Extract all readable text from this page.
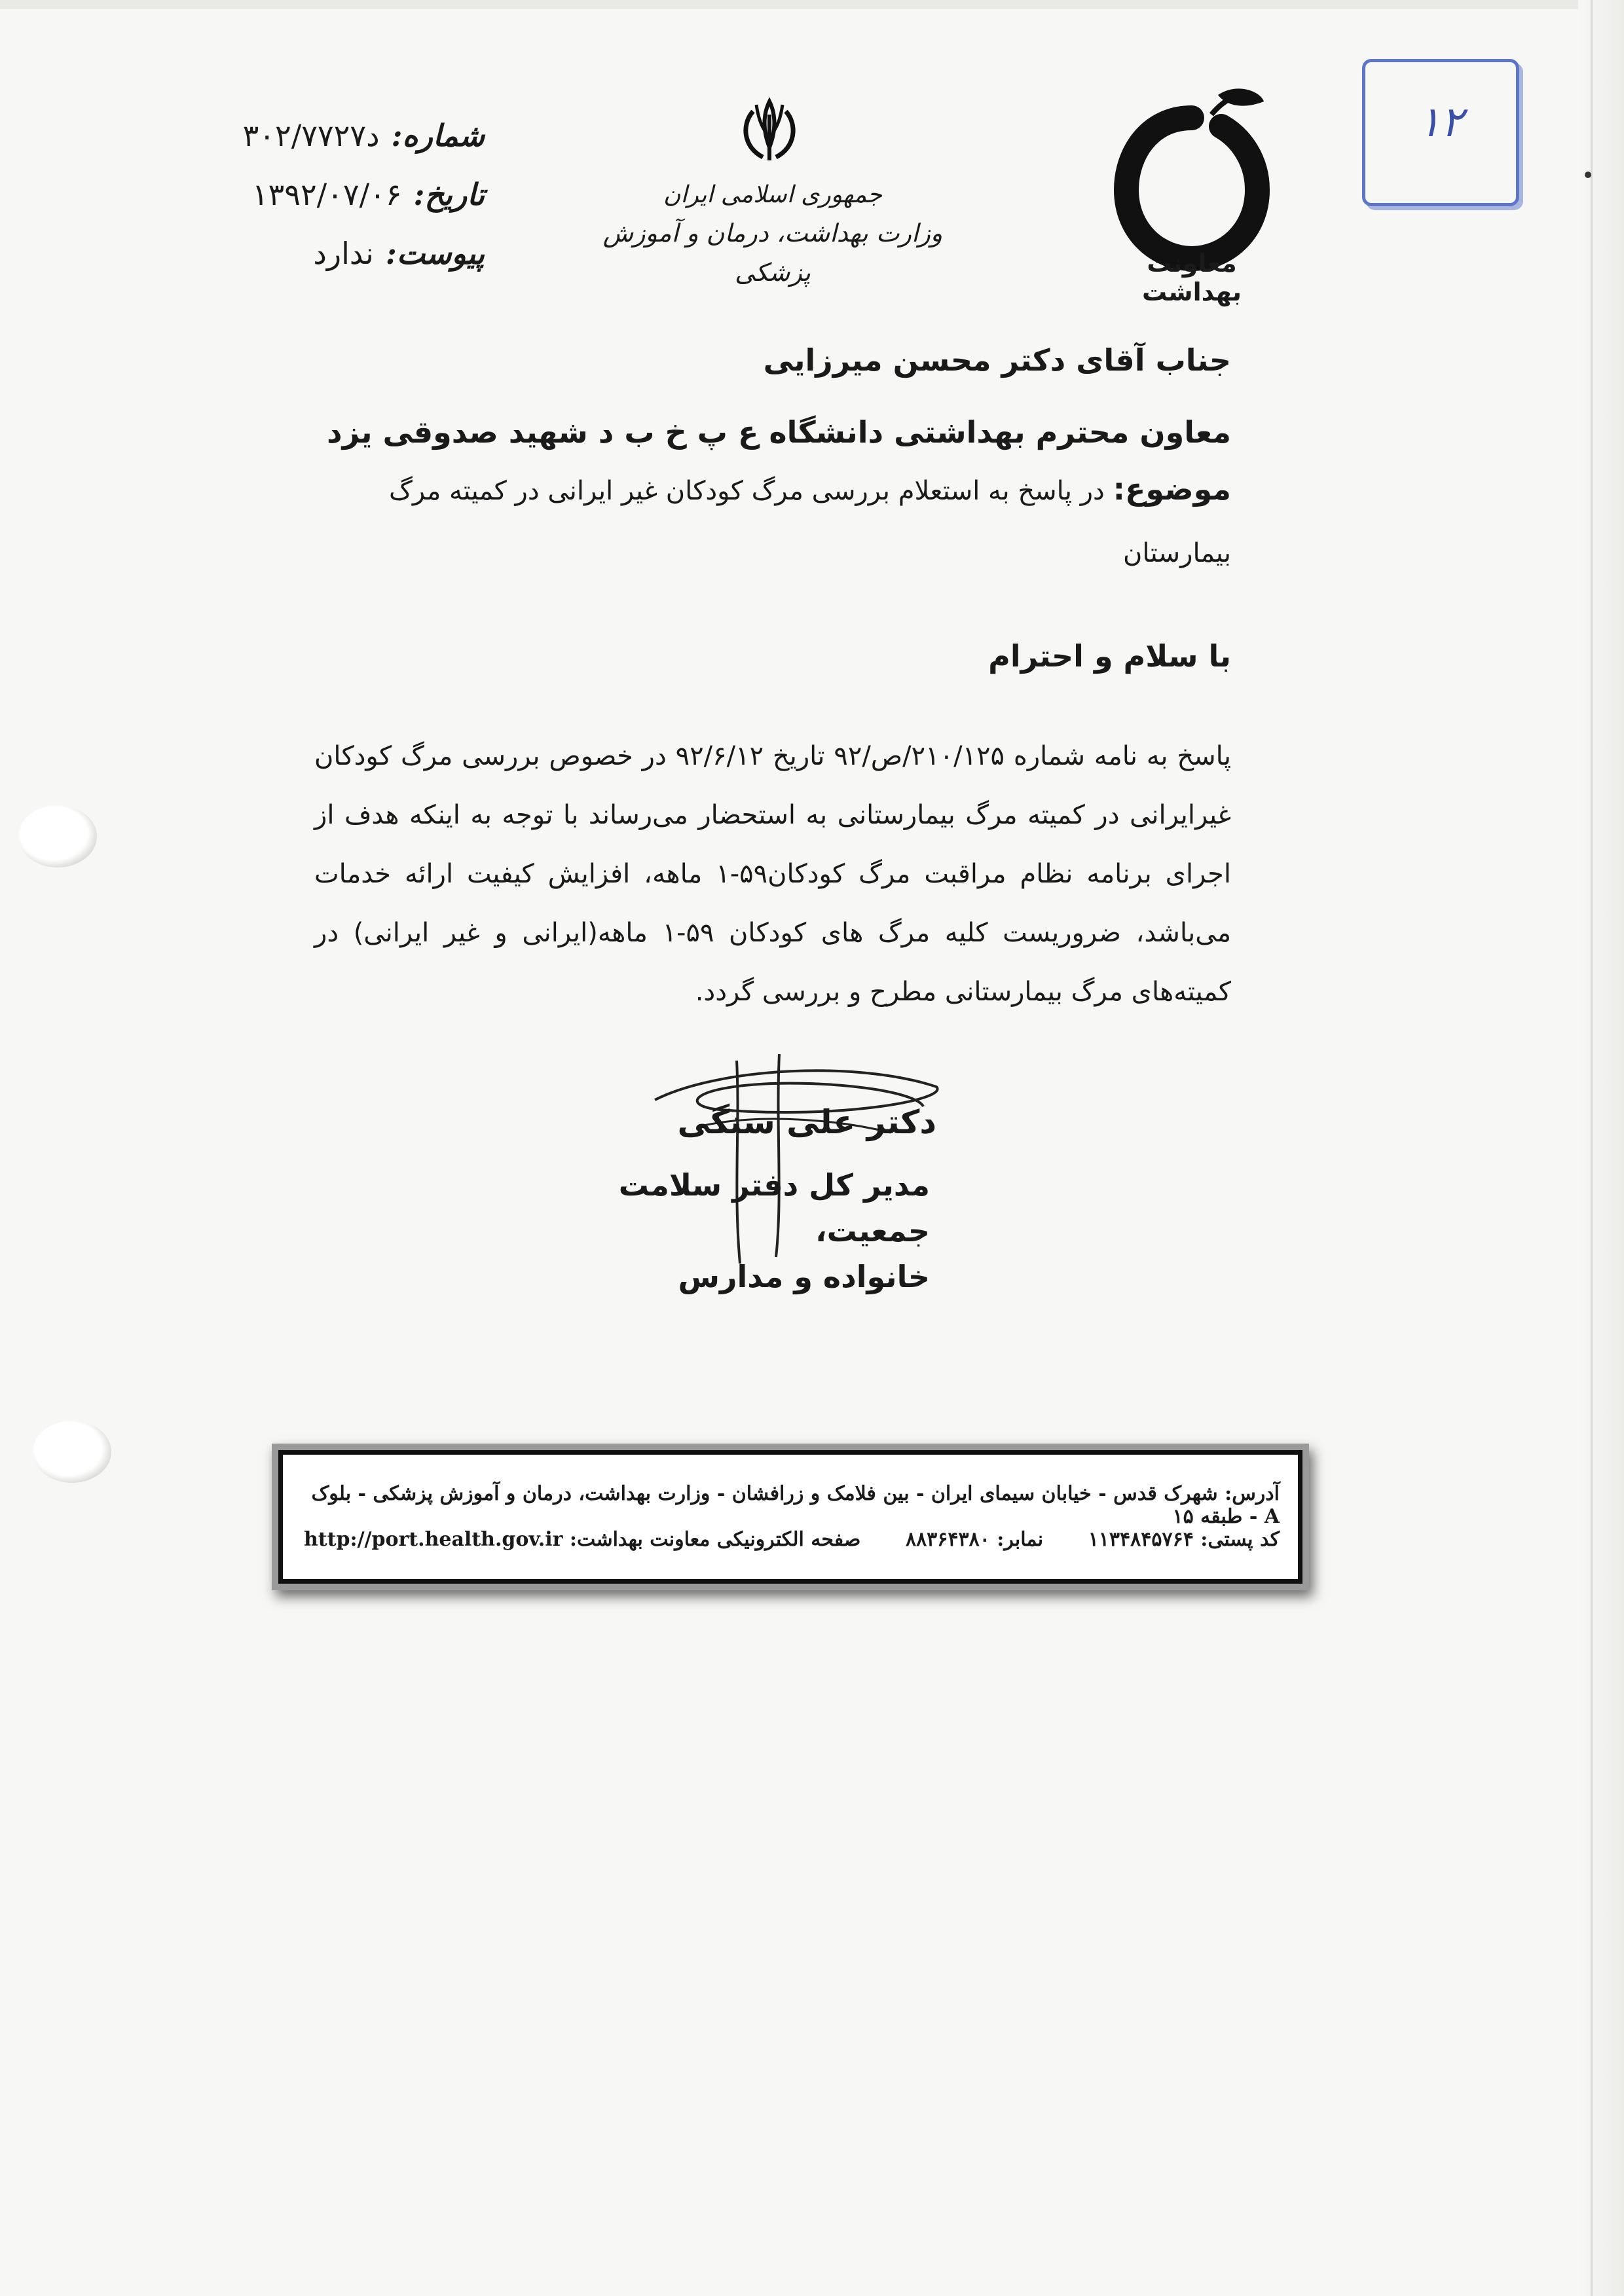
معاونت بهداشت
جمهوری اسلامی ایران
وزارت بهداشت، درمان و آموزش پزشکی
۱۲
شماره:
د۳۰۲/۷۷۲۷
تاریخ:
۱۳۹۲/۰۷/۰۶
پیوست:
ندارد
جناب آقای دکتر محسن میرزایی
معاون محترم بهداشتی دانشگاه ع پ خ ب د شهید صدوقی یزد
موضوع: در پاسخ به استعلام بررسی مرگ کودکان غیر ایرانی در کمیته مرگ بیمارستان
با سلام و احترام
پاسخ به نامه شماره ۲۱۰/۱۲۵/ص/۹۲ تاریخ ۹۲/۶/۱۲ در خصوص بررسی مرگ کودکان غیرایرانی در کمیته مرگ بیمارستانی به استحضار می‌رساند با توجه به اینکه هدف از اجرای برنامه نظام مراقبت مرگ کودکان۵۹-۱ ماهه، افزایش کیفیت ارائه خدمات می‌باشد، ضروریست کلیه مرگ های کودکان ۵۹-۱ ماهه(ایرانی و غیر ایرانی) در کمیته‌های مرگ بیمارستانی مطرح و بررسی گردد.
دکتر علی سنگی
مدیر کل دفتر سلامت جمعیت،
خانواده و مدارس
آدرس: شهرک قدس - خیابان سیمای ایران - بین فلامک و زرافشان - وزارت بهداشت، درمان و آموزش پزشکی - بلوک A - طبقه ۱۵
کد پستی: ۱۱۳۴۸۴۵۷۶۴
نمابر: ۸۸۳۶۴۳۸۰
صفحه الکترونیکی معاونت بهداشت: http://port.health.gov.ir
